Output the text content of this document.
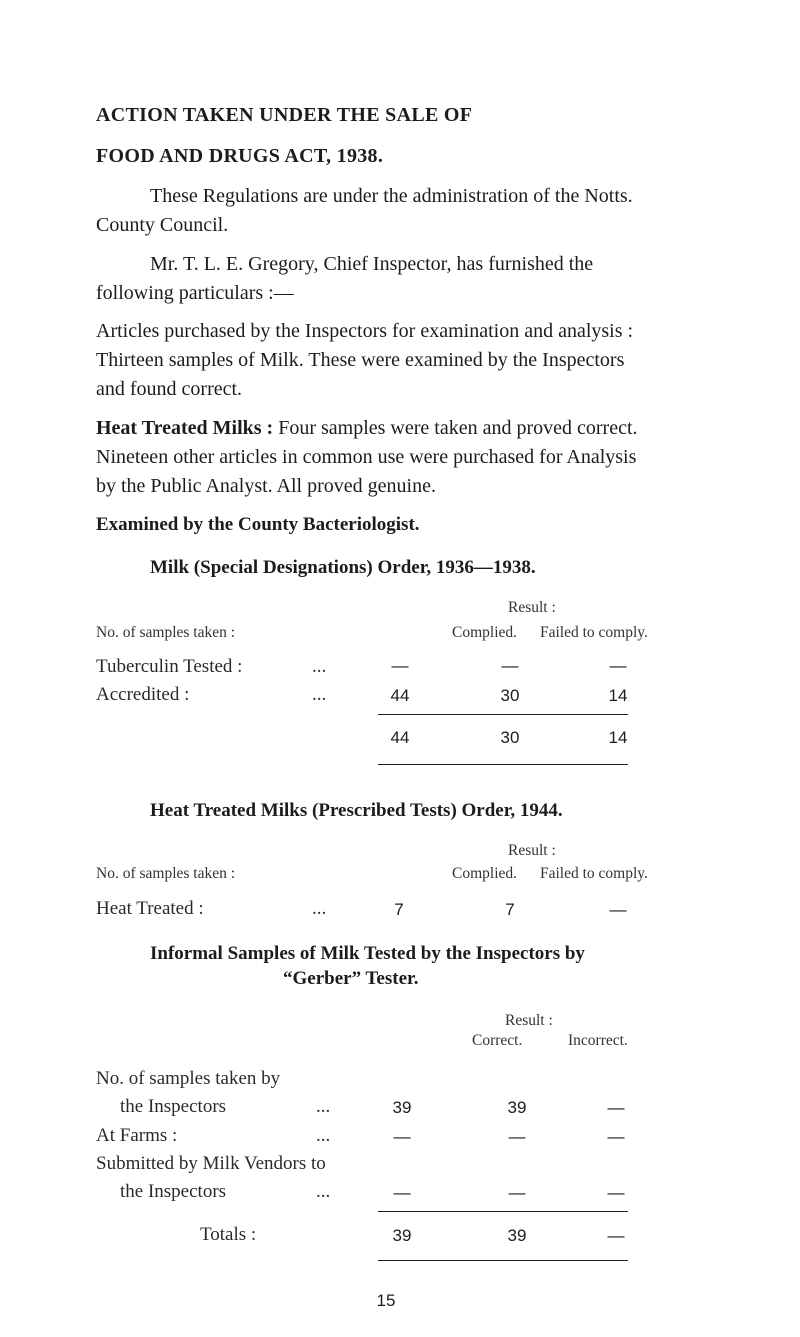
ACTION TAKEN UNDER THE SALE OF
FOOD AND DRUGS ACT, 1938.
These Regulations are under the administration of the Notts.
County Council.
Mr. T. L. E. Gregory, Chief Inspector, has furnished the
following particulars :—
Articles purchased by the Inspectors for examination and analysis :
Thirteen samples of Milk. These were examined by the Inspectors
and found correct.
Heat Treated Milks : Four samples were taken and proved correct.
Nineteen other articles in common use were purchased for Analysis
by the Public Analyst. All proved genuine.
Examined by the County Bacteriologist.
Milk (Special Designations) Order, 1936—1938.
Result :
No. of samples taken :	Complied. Failed to comply.
Tuberculin Tested :	...	—	—	—
Accredited :	...	44	30	14
44	30	14
Heat Treated Milks (Prescribed Tests) Order, 1944.
Result :
No. of samples taken :	Complied. Failed to comply.
Heat Treated :	...	7	7	—
Informal Samples of Milk Tested by the Inspectors by
“Gerber” Tester.
Result :
Correct.	Incorrect.
No. of samples taken by
the Inspectors	...	39	39	—
At Farms :	...	—	—	—
Submitted by Milk Vendors to
the Inspectors	...	—	—	—
Totals :	39	39	—
15
